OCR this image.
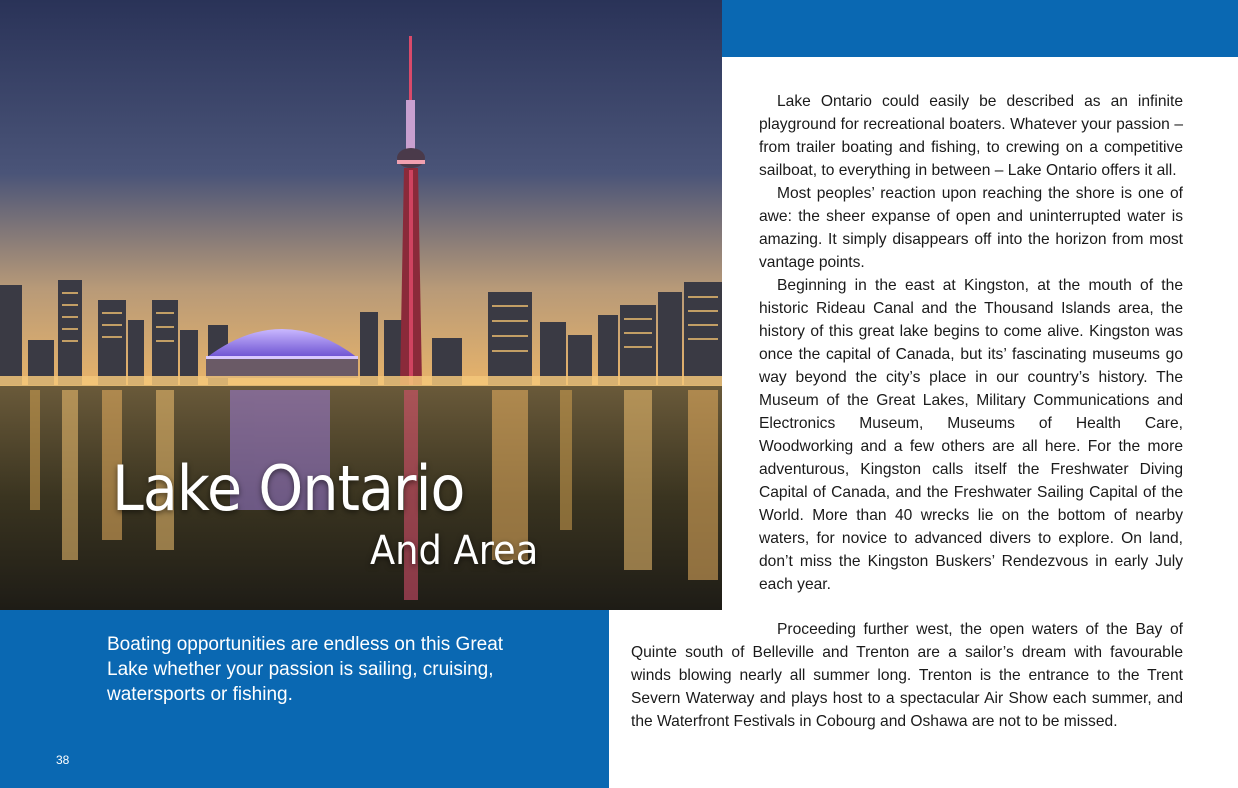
Lake Ontario
And Area
Boating opportunities are endless on this Great Lake whether your passion is sailing, cruising, watersports or fishing.
38

Lake Ontario could easily be described as an infinite playground for recreational boaters. Whatever your passion – from trailer boating and fishing, to crewing on a competitive sailboat, to everything in between – Lake Ontario offers it all.

Most peoples’ reaction upon reaching the shore is one of awe: the sheer expanse of open and uninterrupted water is amazing. It simply disappears off into the horizon from most vantage points.

Beginning in the east at Kingston, at the mouth of the historic Rideau Canal and the Thousand Islands area, the history of this great lake begins to come alive. Kingston was once the capital of Canada, but its’ fascinating museums go way beyond the city’s place in our country’s history. The Museum of the Great Lakes, Military Communications and Electronics Museum, Museums of Health Care, Woodworking and a few others are all here. For the more adventurous, Kingston calls itself the Freshwater Diving Capital of Canada, and the Freshwater Sailing Capital of the World. More than 40 wrecks lie on the bottom of nearby waters, for novice to advanced divers to explore. On land, don’t miss the Kingston Buskers’ Rendezvous in early July each year.

Proceeding further west, the open waters of the Bay of Quinte south of Belleville and Trenton are a sailor’s dream with favourable winds blowing nearly all summer long. Trenton is the entrance to the Trent Severn Waterway and plays host to a spectacular Air Show each summer, and the Waterfront Festivals in Cobourg and Oshawa are not to be missed.
